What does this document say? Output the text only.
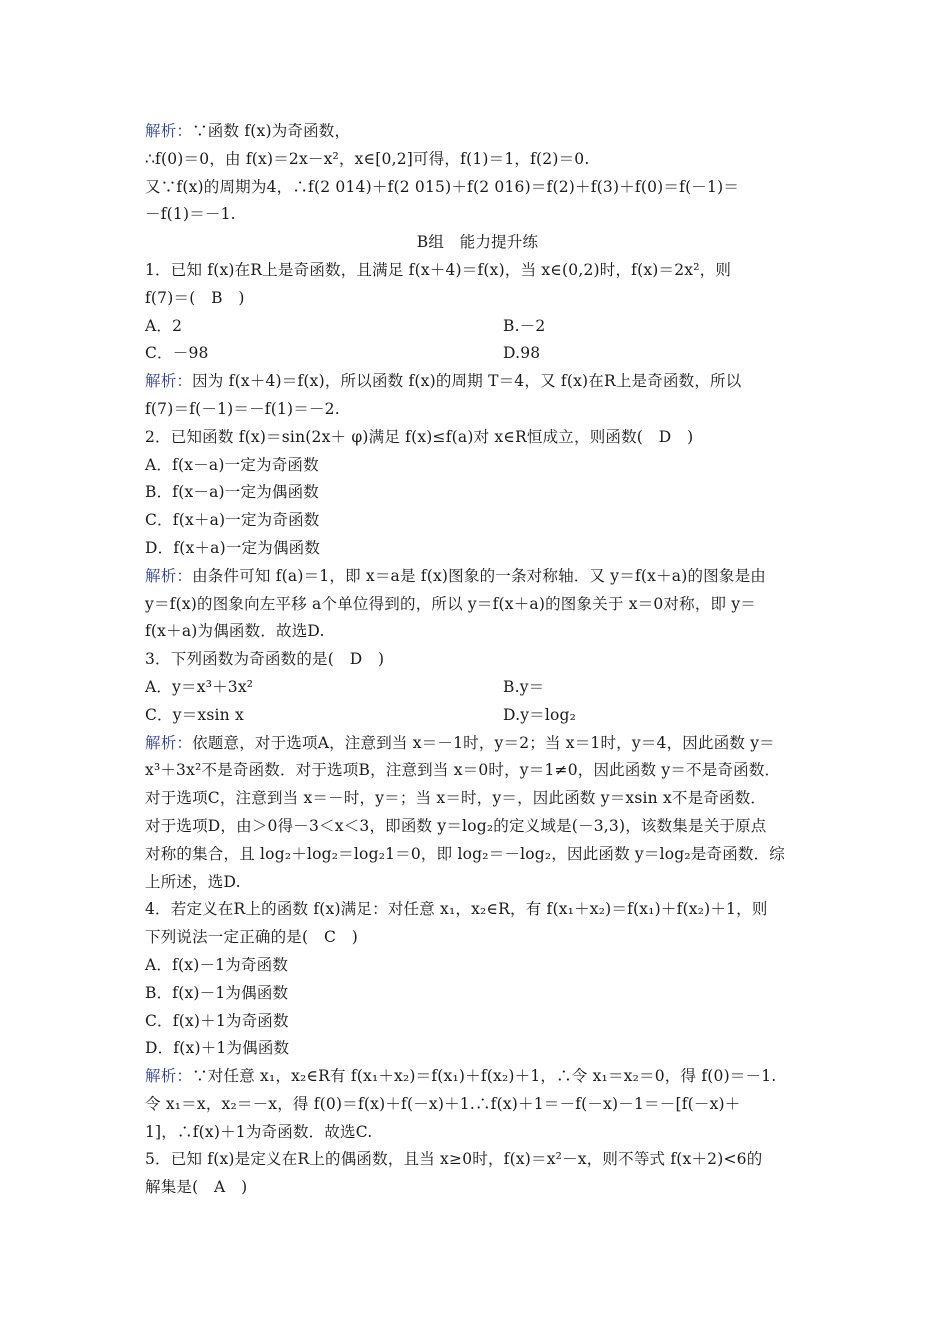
解析：∵函数 f(x)为奇函数，
∴f(0)＝0，由 f(x)＝2x－x²，x∈[0,2]可得，f(1)＝1，f(2)＝0.
又∵f(x)的周期为4，∴f(2 014)＋f(2 015)＋f(2 016)＝f(2)＋f(3)＋f(0)＝f(－1)＝
－f(1)＝－1.
B组　能力提升练
1．已知 f(x)在R上是奇函数，且满足 f(x＋4)＝f(x)，当 x∈(0,2)时，f(x)＝2x²，则
f(7)＝(　B　)
A．2	B.－2
C．－98	D.98
解析：因为 f(x＋4)＝f(x)，所以函数 f(x)的周期 T＝4，又 f(x)在R上是奇函数，所以
f(7)＝f(－1)＝－f(1)＝－2.
2．已知函数 f(x)＝sin(2x＋ φ)满足 f(x)≤f(a)对 x∈R恒成立，则函数(　D　)
A．f(x－a)一定为奇函数
B．f(x－a)一定为偶函数
C．f(x＋a)一定为奇函数
D．f(x＋a)一定为偶函数
解析：由条件可知 f(a)＝1，即 x＝a是 f(x)图象的一条对称轴．又 y＝f(x＋a)的图象是由
y＝f(x)的图象向左平移 a个单位得到的，所以 y＝f(x＋a)的图象关于 x＝0对称，即 y＝
f(x＋a)为偶函数．故选D.
3．下列函数为奇函数的是(　D　)
A．y＝x³＋3x²	B.y＝
C．y＝xsin x	D.y＝log₂
解析：依题意，对于选项A，注意到当 x＝－1时，y＝2；当 x＝1时，y＝4，因此函数 y＝
x³＋3x²不是奇函数．对于选项B，注意到当 x＝0时，y＝1≠0，因此函数 y＝不是奇函数．
对于选项C，注意到当 x＝－时，y＝；当 x＝时，y＝，因此函数 y＝xsin x不是奇函数．
对于选项D，由＞0得－3＜x＜3，即函数 y＝log₂的定义域是(－3,3)，该数集是关于原点
对称的集合，且 log₂＋log₂＝log₂1＝0，即 log₂＝－log₂，因此函数 y＝log₂是奇函数．综
上所述，选D.
4．若定义在R上的函数 f(x)满足：对任意 x₁，x₂∈R，有 f(x₁＋x₂)＝f(x₁)＋f(x₂)＋1，则
下列说法一定正确的是(　C　)
A．f(x)－1为奇函数
B．f(x)－1为偶函数
C．f(x)＋1为奇函数
D．f(x)＋1为偶函数
解析：∵对任意 x₁，x₂∈R有 f(x₁＋x₂)＝f(x₁)＋f(x₂)＋1，∴令 x₁＝x₂＝0，得 f(0)＝－1.
令 x₁＝x，x₂＝－x，得 f(0)＝f(x)＋f(－x)＋1.∴f(x)＋1＝－f(－x)－1＝－[f(－x)＋
1]，∴f(x)＋1为奇函数．故选C.
5．已知 f(x)是定义在R上的偶函数，且当 x≥0时，f(x)＝x²－x，则不等式 f(x＋2)<6的
解集是(　A　)
